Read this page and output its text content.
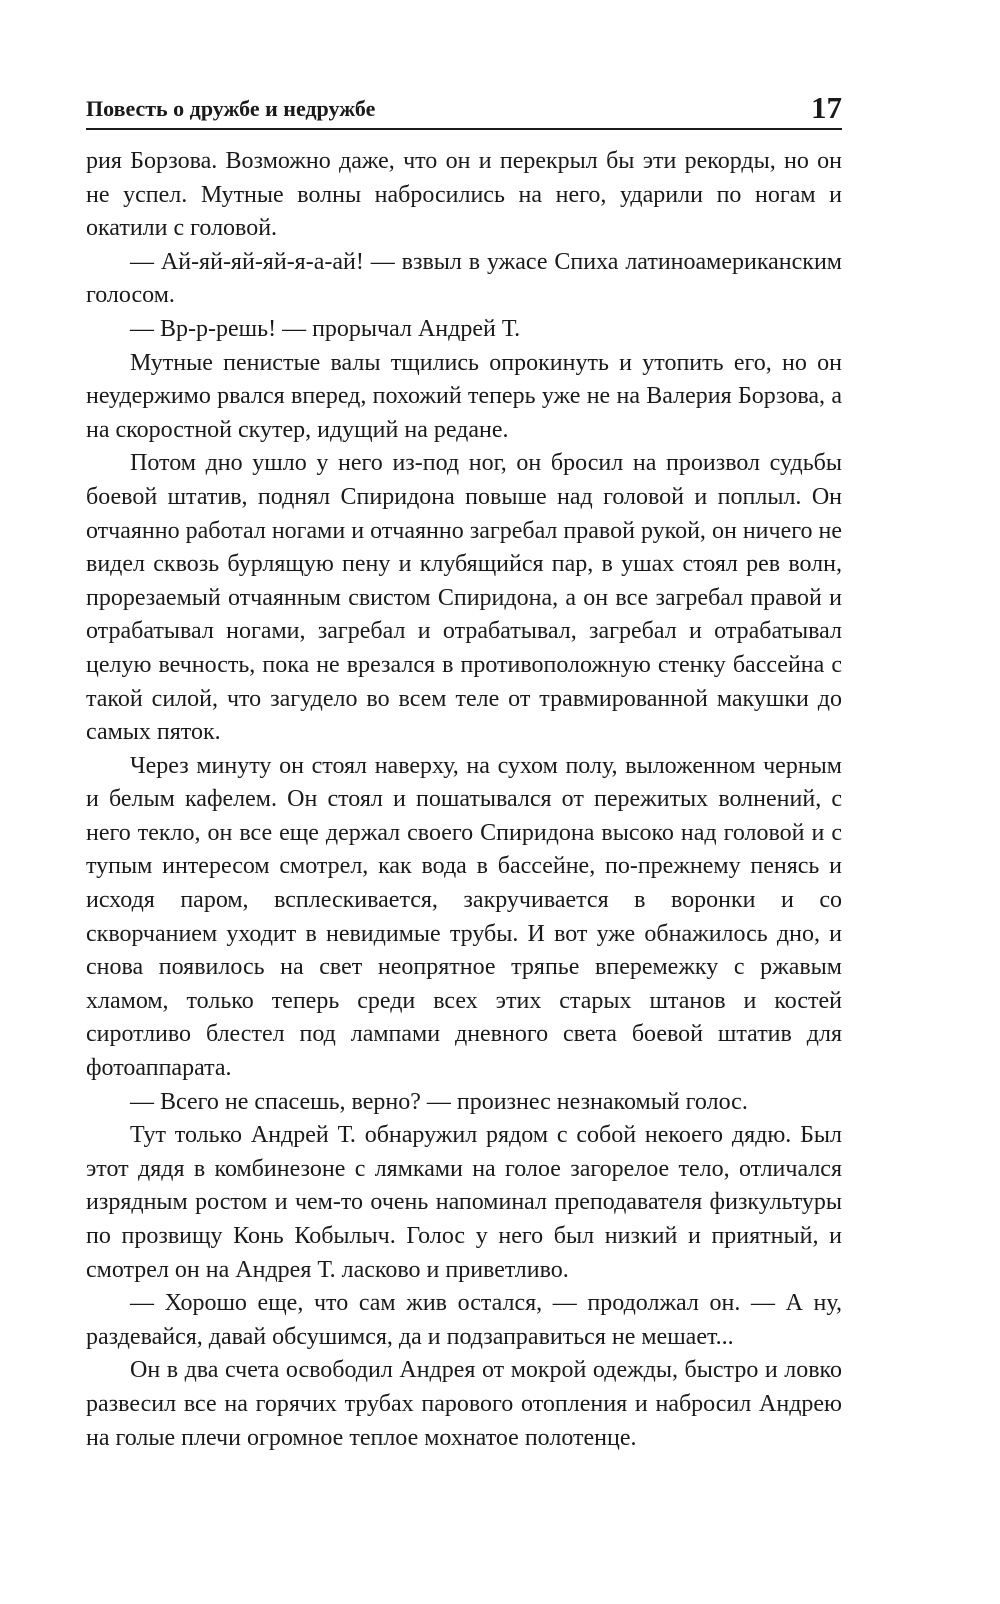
Повесть о дружбе и недружбе	17

рия Борзова. Возможно даже, что он и перекрыл бы эти рекорды, но он не успел. Мутные волны набросились на него, ударили по ногам и окатили с головой.

— Ай-яй-яй-яй-я-а-ай! — взвыл в ужасе Спиха латиноамериканским голосом.

— Вр-р-решь! — прорычал Андрей Т.

Мутные пенистые валы тщились опрокинуть и утопить его, но он неудержимо рвался вперед, похожий теперь уже не на Валерия Борзова, а на скоростной скутер, идущий на редане.

Потом дно ушло у него из-под ног, он бросил на произвол судьбы боевой штатив, поднял Спиридона повыше над головой и поплыл. Он отчаянно работал ногами и отчаянно загребал правой рукой, он ничего не видел сквозь бурлящую пену и клубящийся пар, в ушах стоял рев волн, прорезаемый отчаянным свистом Спиридона, а он все загребал правой и отрабатывал ногами, загребал и отрабатывал, загребал и отрабатывал целую вечность, пока не врезался в противоположную стенку бассейна с такой силой, что загудело во всем теле от травмированной макушки до самых пяток.

Через минуту он стоял наверху, на сухом полу, выложенном черным и белым кафелем. Он стоял и пошатывался от пережитых волнений, с него текло, он все еще держал своего Спиридона высоко над головой и с тупым интересом смотрел, как вода в бассейне, по-прежнему пенясь и исходя паром, всплескивается, закручивается в воронки и со скворчанием уходит в невидимые трубы. И вот уже обнажилось дно, и снова появилось на свет неопрятное тряпье вперемежку с ржавым хламом, только теперь среди всех этих старых штанов и костей сиротливо блестел под лампами дневного света боевой штатив для фотоаппарата.

— Всего не спасешь, верно? — произнес незнакомый голос.

Тут только Андрей Т. обнаружил рядом с собой некоего дядю. Был этот дядя в комбинезоне с лямками на голое загорелое тело, отличался изрядным ростом и чем-то очень напоминал преподавателя физкультуры по прозвищу Конь Кобылыч. Голос у него был низкий и приятный, и смотрел он на Андрея Т. ласково и приветливо.

— Хорошо еще, что сам жив остался, — продолжал он. — А ну, раздевайся, давай обсушимся, да и подзаправиться не мешает...

Он в два счета освободил Андрея от мокрой одежды, быстро и ловко развесил все на горячих трубах парового отопления и набросил Андрею на голые плечи огромное теплое мохнатое полотенце.
